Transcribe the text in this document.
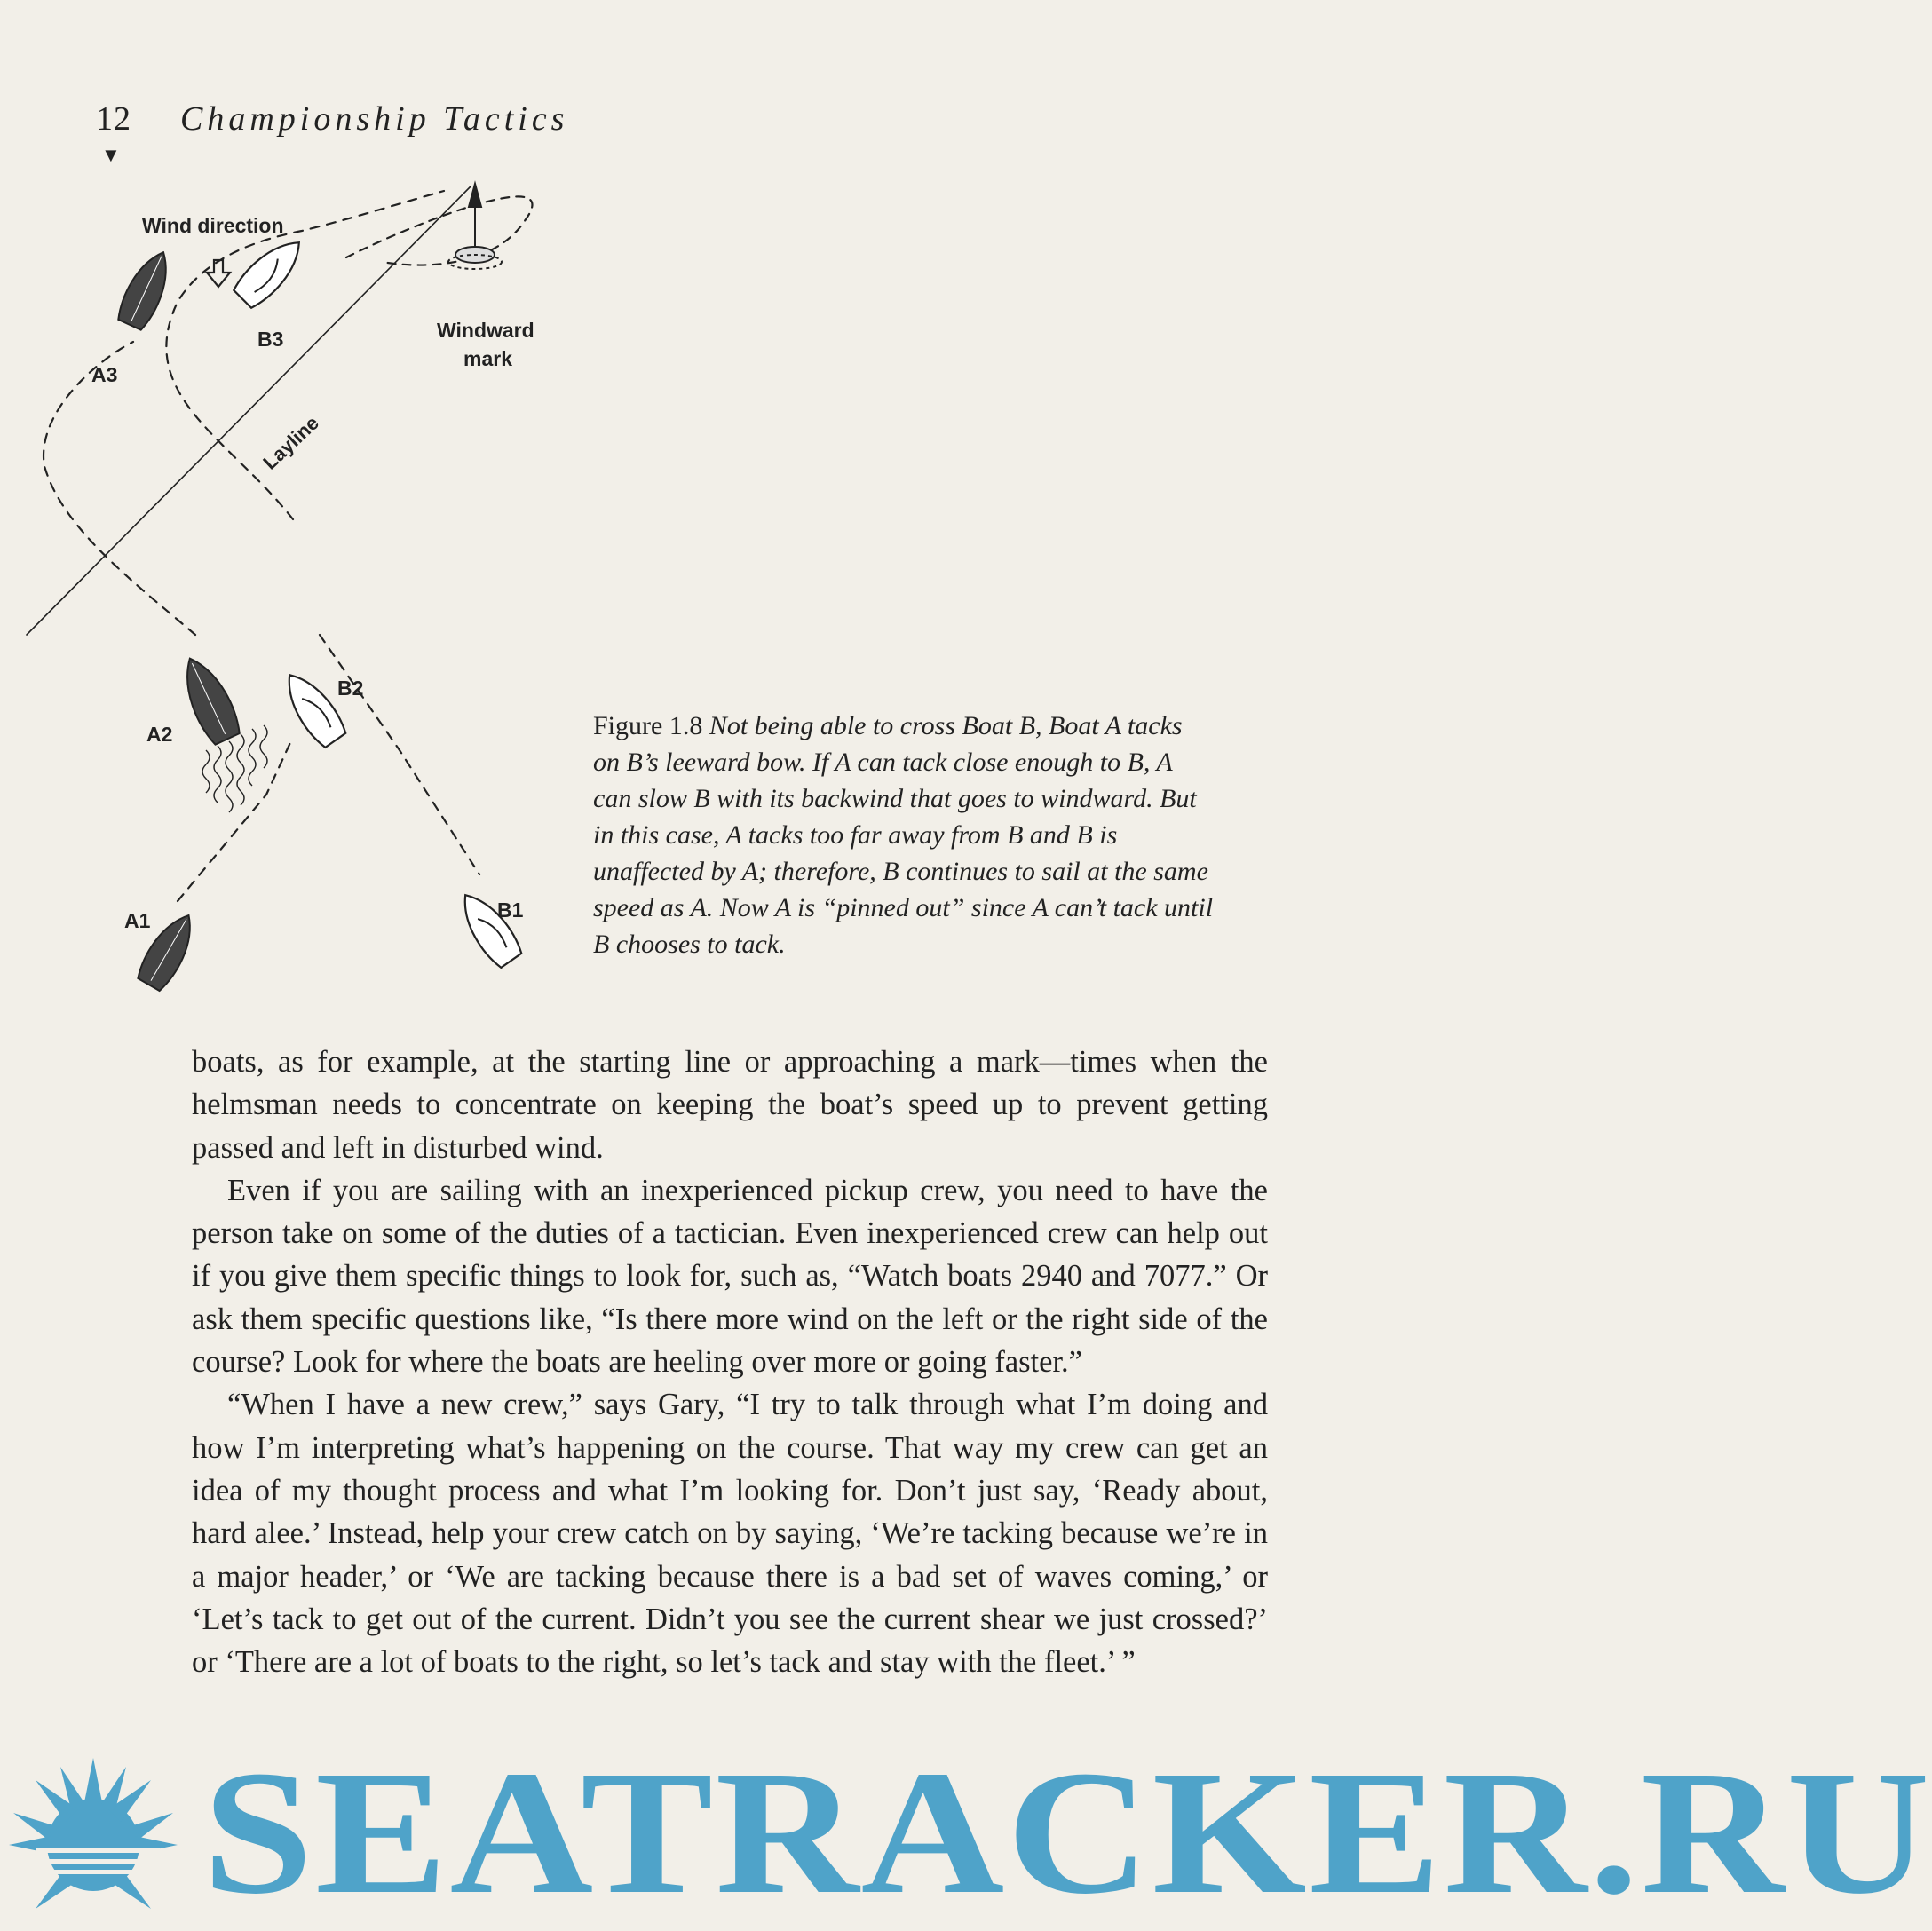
12 Championship Tactics
▼
Wind direction
Windward
mark
B3
A3
Layline
B2
A2
A1	B1
Figure 1.8 Not being able to cross Boat B, Boat A tacks on B’s leeward bow. If A can tack close enough to B, A can slow B with its backwind that goes to windward. But in this case, A tacks too far away from B and B is unaffected by A; therefore, B continues to sail at the same speed as A. Now A is “pinned out” since A can’t tack until B chooses to tack.

boats, as for example, at the starting line or approaching a mark—times when the helmsman needs to concentrate on keeping the boat’s speed up to prevent getting passed and left in disturbed wind.

Even if you are sailing with an inexperienced pickup crew, you need to have the person take on some of the duties of a tactician. Even inexperienced crew can help out if you give them specific things to look for, such as, “Watch boats 2940 and 7077.” Or ask them specific questions like, “Is there more wind on the left or the right side of the course? Look for where the boats are heeling over more or going faster.”

“When I have a new crew,” says Gary, “I try to talk through what I’m doing and how I’m interpreting what’s happening on the course. That way my crew can get an idea of my thought process and what I’m looking for. Don’t just say, ‘Ready about, hard alee.’ Instead, help your crew catch on by saying, ‘We’re tacking because we’re in a major header,’ or ‘We are tacking because there is a bad set of waves coming,’ or ‘Let’s tack to get out of the current. Didn’t you see the current shear we just crossed?’ or ‘There are a lot of boats to the right, so let’s tack and stay with the fleet.’ ”

SEATRACKER.RU
